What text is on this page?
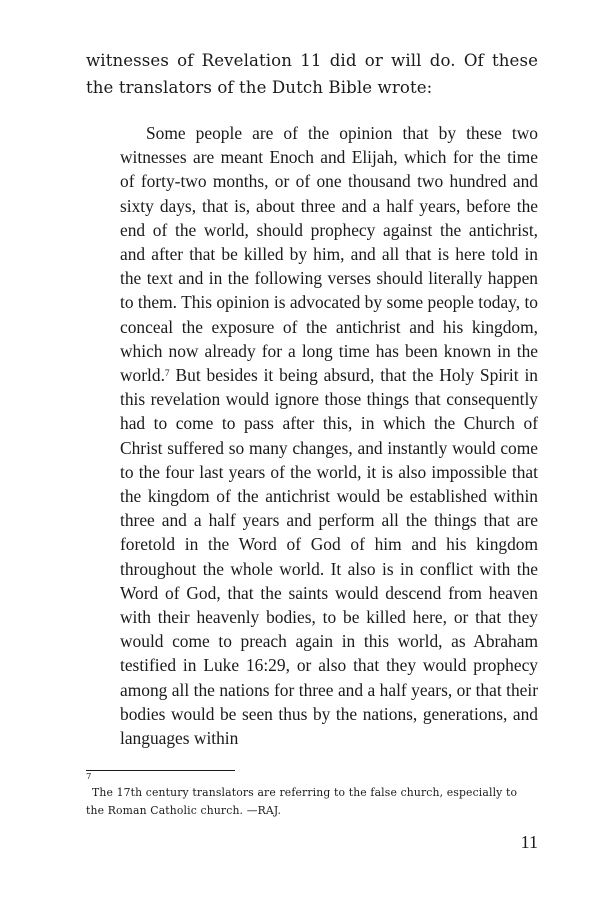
witnesses of Revelation 11 did or will do. Of these the translators of the Dutch Bible wrote:

Some people are of the opinion that by these two witnesses are meant Enoch and Elijah, which for the time of forty-two months, or of one thousand two hundred and sixty days, that is, about three and a half years, before the end of the world, should prophecy against the antichrist, and after that be killed by him, and all that is here told in the text and in the following verses should literally happen to them. This opinion is advocated by some people today, to conceal the exposure of the antichrist and his kingdom, which now already for a long time has been known in the world.$^7$ But besides it being absurd, that the Holy Spirit in this revelation would ignore those things that consequently had to come to pass after this, in which the Church of Christ suffered so many changes, and instantly would come to the four last years of the world, it is also impossible that the kingdom of the antichrist would be established within three and a half years and perform all the things that are foretold in the Word of God of him and his kingdom throughout the whole world. It also is in conflict with the Word of God, that the saints would descend from heaven with their heavenly bodies, to be killed here, or that they would come to preach again in this world, as Abraham testified in Luke 16:29, or also that they would prophecy among all the nations for three and a half years, or that their bodies would be seen thus by the nations, generations, and languages within

7

The 17th century translators are referring to the false church, especially to the Roman Catholic church. —RAJ.

11
